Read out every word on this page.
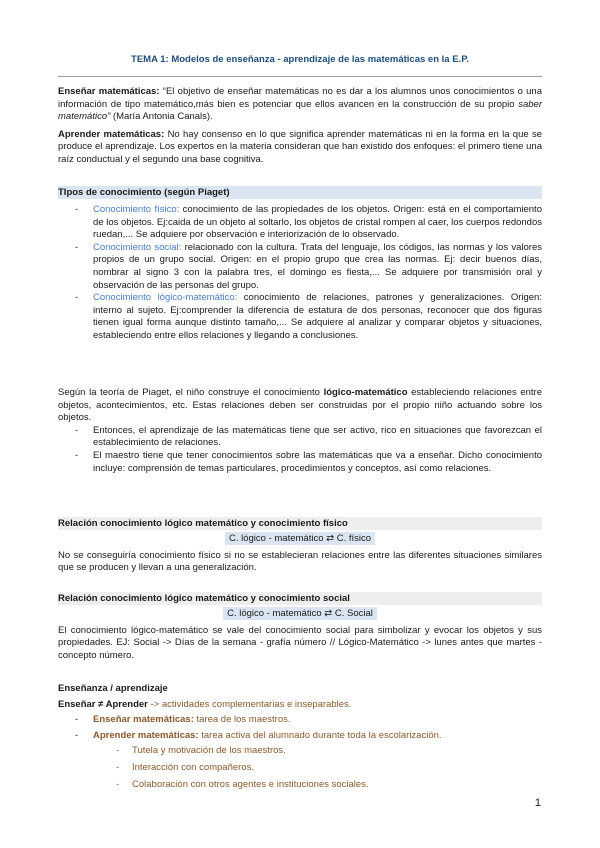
TEMA 1: Modelos de enseñanza - aprendizaje de las matemáticas en la E.P.

Enseñar matemáticas: “El objetivo de enseñar matemáticas no es dar a los alumnos unos conocimientos o una información de tipo matemático,más bien es potenciar que ellos avancen en la construcción de su propio saber matemático” (María Antonia Canals).

Aprender matemáticas: No hay consenso en lo que significa aprender matemáticas ni en la forma en la que se produce el aprendizaje. Los expertos en la materia consideran que han existido dos enfoques: el primero tiene una raíz conductual y el segundo una base cognitiva.

TIpos de conocimiento (según Piaget)
- Conocimiento físico: conocimiento de las propiedades de los objetos. Origen: está en el comportamiento de los objetos. Ej:caida de un objeto al soltarlo, los objetos de cristal rompen al caer, los cuerpos redondos ruedan,... Se adquiere por observación e interiorización de lo observado.
- Conocimiento social: relacionado con la cultura. Trata del lenguaje, los códigos, las normas y los valores propios de un grupo social. Origen: en el propio grupo que crea las normas. Ej: decir buenos días, nombrar al signo 3 con la palabra tres, el domingo es fiesta,... Se adquiere por transmisión oral y observación de las personas del grupo.
- Conocimiento lógico-matemático: conocimiento de relaciones, patrones y generalizaciones. Origen: interno al sujeto. Ej:comprender la diferencia de estatura de dos personas, reconocer que dos figuras tienen igual forma aunque distinto tamaño,... Se adquiere al analizar y comparar objetos y situaciones, estableciendo entre ellos relaciones y llegando a conclusiones.

Según la teoría de Piaget, el niño construye el conocimiento lógico-matemático estableciendo relaciones entre objetos, acontecimientos, etc. Estas relaciones deben ser construidas por el propio niño actuando sobre los objetos.

- Entonces, el aprendizaje de las matemáticas tiene que ser activo, rico en situaciones que favorezcan el establecimiento de relaciones.
- El maestro tiene que tener conocimientos sobre las matemáticas que va a enseñar. Dicho conocimiento incluye: comprensión de temas particulares, procedimientos y conceptos, así como relaciones.
Relación conocimiento lógico matemático y conocimiento físico
C. lógico - matemático ⇄ C. físico

No se conseguiría conocimiento físico si no se establecieran relaciones entre las diferentes situaciones similares que se producen y llevan a una generalización.

Relación conocimiento lógico matemático y conocimiento social
C. lógico - matemático ⇄ C. Social

El conocimiento lógico-matemático se vale del conocimiento social para simbolizar y evocar los objetos y sus propiedades. EJ: Social -> Días de la semana - grafía número // Lógico-Matemático -> lunes antes que martes - concepto número.

Enseñanza / aprendizaje

Enseñar ≠ Aprender -> actividades complementarias e inseparables.

- Enseñar matemáticas: tarea de los maestros.
- Aprender matemáticas: tarea activa del alumnado durante toda la escolarización.
- Tutela y motivación de los maestros.
- Interacción con compañeros.
- Colaboración con otros agentes e instituciones sociales.
1
